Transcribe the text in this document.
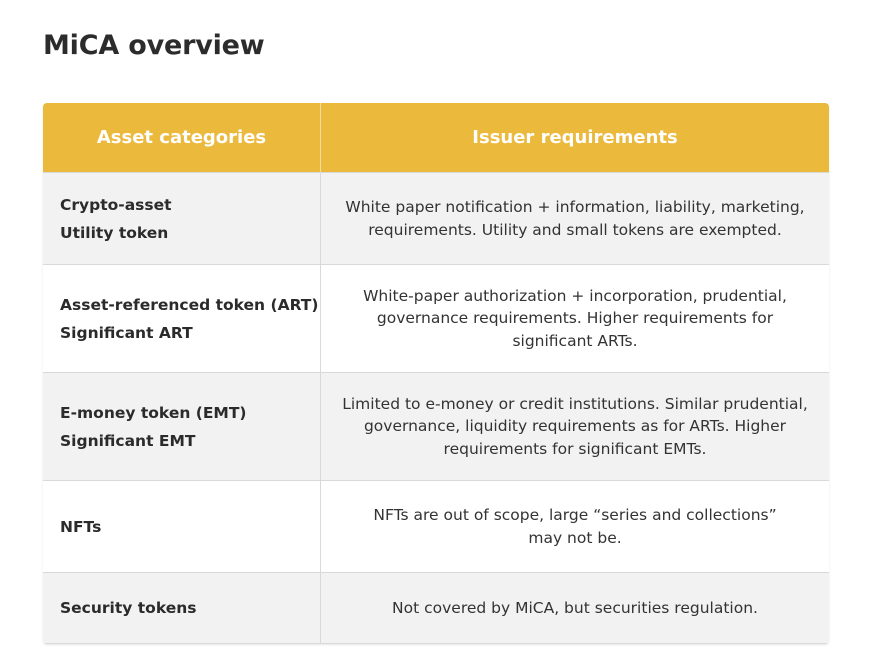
MiCA overview
Asset categories	Issuer requirements
Crypto-asset
Utility token
White paper notification + information, liability, marketing, requirements. Utility and small tokens are exempted.
Asset-referenced token (ART)
Significant ART
White-paper authorization + incorporation, prudential, governance requirements. Higher requirements for significant ARTs.
E-money token (EMT)
Significant EMT
Limited to e-money or credit institutions. Similar prudential, governance, liquidity requirements as for ARTs. Higher requirements for significant EMTs.
NFTs
NFTs are out of scope, large “series and collections” may not be.
Security tokens	Not covered by MiCA, but securities regulation.
